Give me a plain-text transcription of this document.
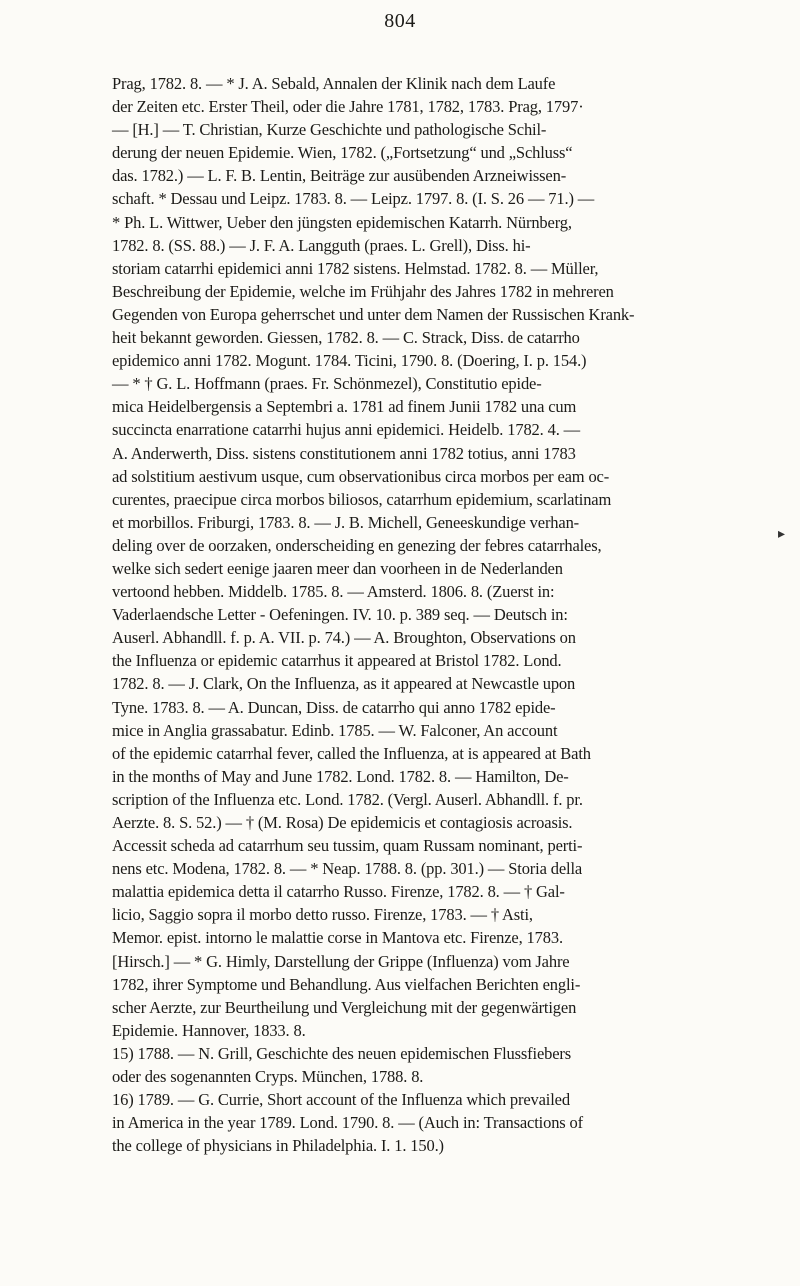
804
▸
Prag, 1782. 8. — * J. A. Sebald, Annalen der Klinik nach dem Laufe
der Zeiten etc. Erster Theil, oder die Jahre 1781, 1782, 1783. Prag, 1797·
— [H.] — T. Christian, Kurze Geschichte und pathologische Schil-
derung der neuen Epidemie. Wien, 1782. („Fortsetzung“ und „Schluss“
das. 1782.) — L. F. B. Lentin, Beiträge zur ausübenden Arzneiwissen-
schaft. * Dessau und Leipz. 1783. 8. — Leipz. 1797. 8. (I. S. 26 — 71.) —
* Ph. L. Wittwer, Ueber den jüngsten epidemischen Katarrh. Nürnberg,
1782. 8. (SS. 88.) — J. F. A. Langguth (praes. L. Grell), Diss. hi-
storiam catarrhi epidemici anni 1782 sistens. Helmstad. 1782. 8. — Müller,
Beschreibung der Epidemie, welche im Frühjahr des Jahres 1782 in mehreren
Gegenden von Europa geherrschet und unter dem Namen der Russischen Krank-
heit bekannt geworden. Giessen, 1782. 8. — C. Strack, Diss. de catarrho
epidemico anni 1782. Mogunt. 1784. Ticini, 1790. 8. (Doering, I. p. 154.)
— * † G. L. Hoffmann (praes. Fr. Schönmezel), Constitutio epide-
mica Heidelbergensis a Septembri a. 1781 ad finem Junii 1782 una cum
succincta enarratione catarrhi hujus anni epidemici. Heidelb. 1782. 4. —
A. Anderwerth, Diss. sistens constitutionem anni 1782 totius, anni 1783
ad solstitium aestivum usque, cum observationibus circa morbos per eam oc-
curentes, praecipue circa morbos biliosos, catarrhum epidemium, scarlatinam
et morbillos. Friburgi, 1783. 8. — J. B. Michell, Geneeskundige verhan-
deling over de oorzaken, onderscheiding en genezing der febres catarrhales,
welke sich sedert eenige jaaren meer dan voorheen in de Nederlanden
vertoond hebben. Middelb. 1785. 8. — Amsterd. 1806. 8. (Zuerst in:
Vaderlaendsche Letter - Oefeningen. IV. 10. p. 389 seq. — Deutsch in:
Auserl. Abhandll. f. p. A. VII. p. 74.) — A. Broughton, Observations on
the Influenza or epidemic catarrhus it appeared at Bristol 1782. Lond.
1782. 8. — J. Clark, On the Influenza, as it appeared at Newcastle upon
Tyne. 1783. 8. — A. Duncan, Diss. de catarrho qui anno 1782 epide-
mice in Anglia grassabatur. Edinb. 1785. — W. Falconer, An account
of the epidemic catarrhal fever, called the Influenza, at is appeared at Bath
in the months of May and June 1782. Lond. 1782. 8. — Hamilton, De-
scription of the Influenza etc. Lond. 1782. (Vergl. Auserl. Abhandll. f. pr.
Aerzte. 8. S. 52.) — † (M. Rosa) De epidemicis et contagiosis acroasis.
Accessit scheda ad catarrhum seu tussim, quam Russam nominant, perti-
nens etc. Modena, 1782. 8. — * Neap. 1788. 8. (pp. 301.) — Storia della
malattia epidemica detta il catarrho Russo. Firenze, 1782. 8. — † Gal-
licio, Saggio sopra il morbo detto russo. Firenze, 1783. — † Asti,
Memor. epist. intorno le malattie corse in Mantova etc. Firenze, 1783.
[Hirsch.] — * G. Himly, Darstellung der Grippe (Influenza) vom Jahre
1782, ihrer Symptome und Behandlung. Aus vielfachen Berichten engli-
scher Aerzte, zur Beurtheilung und Vergleichung mit der gegenwärtigen
Epidemie. Hannover, 1833. 8.
15) 1788. — N. Grill, Geschichte des neuen epidemischen Flussfiebers
oder des sogenannten Cryps. München, 1788. 8.
16) 1789. — G. Currie, Short account of the Influenza which prevailed
in America in the year 1789. Lond. 1790. 8. — (Auch in: Transactions of
the college of physicians in Philadelphia. I. 1. 150.)
